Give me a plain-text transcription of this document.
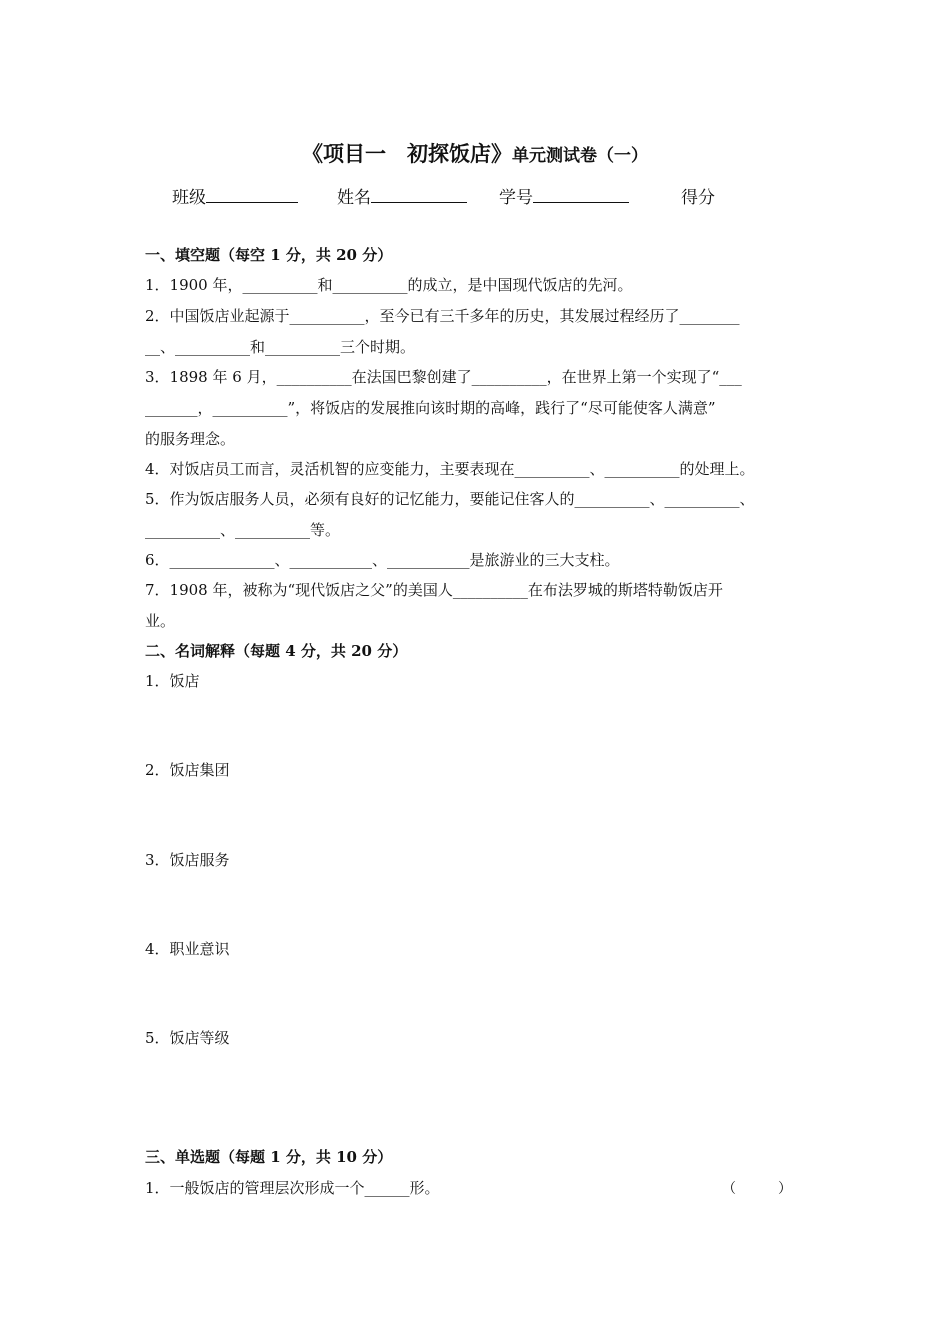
《项目一　初探饭店》单元测试卷（一）
班级	姓名	学号	得分
一、填空题（每空 1 分，共 20 分）
1．1900 年，__________和__________的成立，是中国现代饭店的先河。
2．中国饭店业起源于__________，至今已有三千多年的历史，其发展过程经历了________
__、__________和__________三个时期。
3．1898 年 6 月，__________在法国巴黎创建了__________，在世界上第一个实现了“___
_______，__________”，将饭店的发展推向该时期的高峰，践行了“尽可能使客人满意”
的服务理念。
4．对饭店员工而言，灵活机智的应变能力，主要表现在__________、__________的处理上。
5．作为饭店服务人员，必须有良好的记忆能力，要能记住客人的__________、__________、
__________、__________等。
6．______________、___________、___________是旅游业的三大支柱。
7．1908 年，被称为“现代饭店之父”的美国人__________在布法罗城的斯塔特勒饭店开
业。
二、名词解释（每题 4 分，共 20 分）
1．饭店
2．饭店集团
3．饭店服务
4．职业意识
5．饭店等级
三、单选题（每题 1 分，共 10 分）
1．一般饭店的管理层次形成一个______形。	（　　　）
